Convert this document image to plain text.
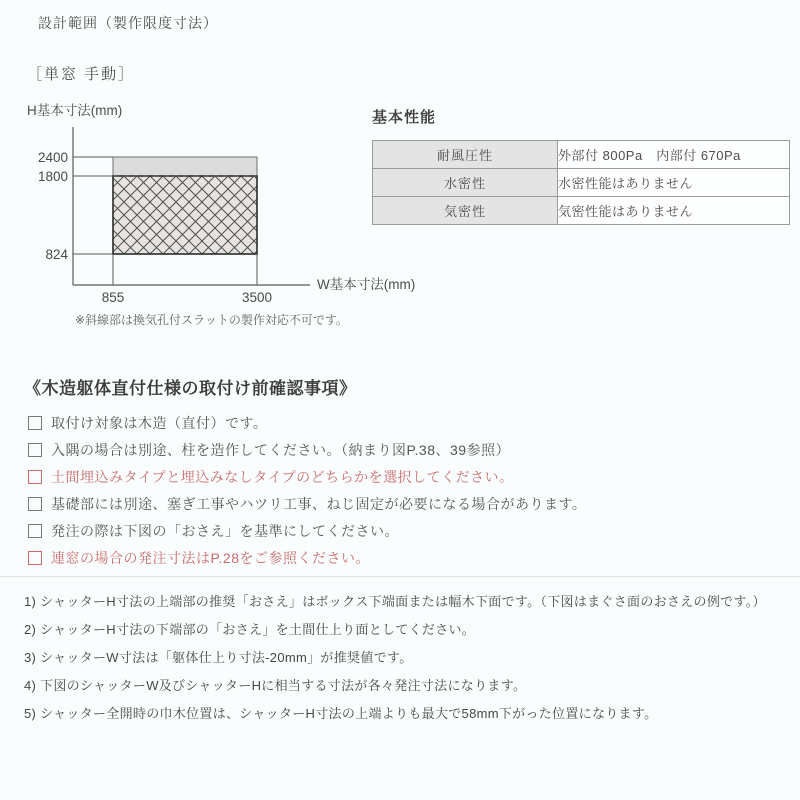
設計範囲（製作限度寸法）
［単窓 手動］
H基本寸法(mm)
2400
1800
824
855	3500
W基本寸法(mm)
※斜線部は換気孔付スラットの製作対応不可です。
基本性能
耐風圧性	外部付 800Pa　内部付 670Pa
水密性	水密性能はありません
気密性	気密性能はありません
《木造躯体直付仕様の取付け前確認事項》
取付け対象は木造（直付）です。
入隅の場合は別途、柱を造作してください。（納まり図P.38、39参照）
土間埋込みタイプと埋込みなしタイプのどちらかを選択してください。
基礎部には別途、塞ぎ工事やハツリ工事、ねじ固定が必要になる場合があります。
発注の際は下図の「おさえ」を基準にしてください。
連窓の場合の発注寸法はP.28をご参照ください。
1) シャッターH寸法の上端部の推奨「おさえ」はボックス下端面または幅木下面です。（下図はまぐさ面のおさえの例です。）
2) シャッターH寸法の下端部の「おさえ」を土間仕上り面としてください。
3) シャッターW寸法は「躯体仕上り寸法-20mm」が推奨値です。
4) 下図のシャッターW及びシャッターHに相当する寸法が各々発注寸法になります。
5) シャッター全開時の巾木位置は、シャッターH寸法の上端よりも最大で58mm下がった位置になります。
